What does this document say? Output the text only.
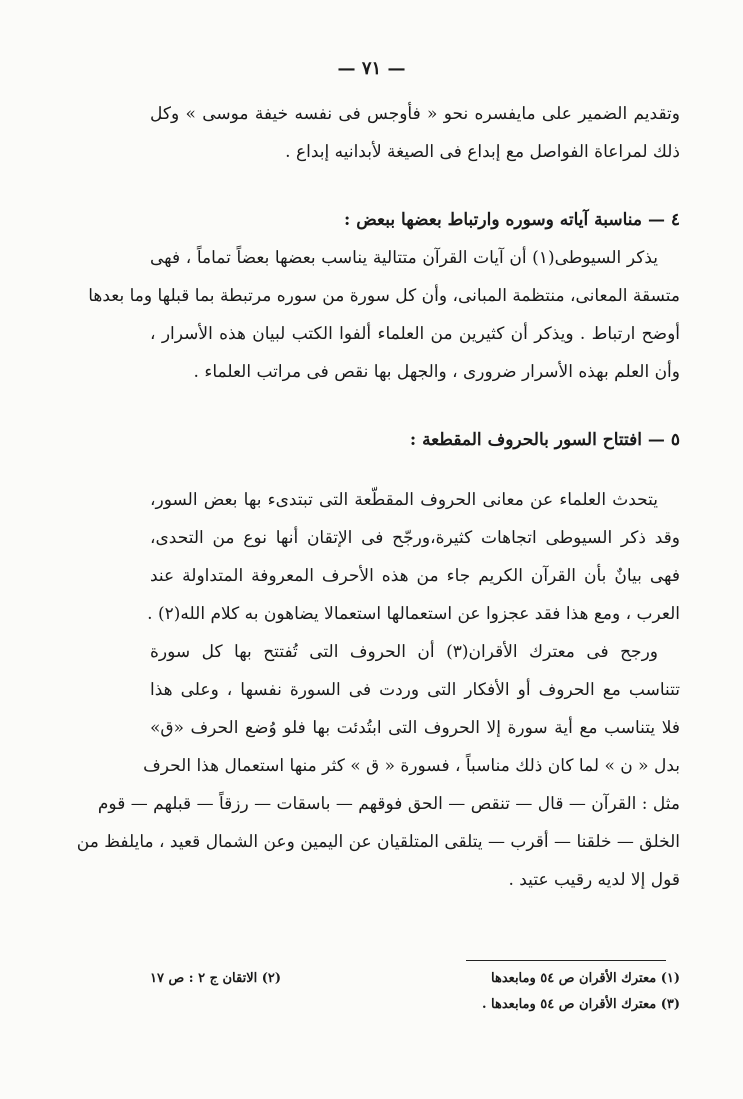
— ٧١ —
وتقديم الضمير على مايفسره نحو « فأوجس فى نفسه خيفة موسى » وكل
ذلك لمراعاة الفواصل مع إبداع فى الصيغة لأبدانيه إبداع .
٤ — مناسبة آياته وسوره وارتباط بعضها ببعض :
يذكر السيوطى(١) أن آيات القرآن متتالية يناسب بعضها بعضاً تماماً ، فهى
متسقة المعانى، منتظمة المبانى، وأن كل سورة من سوره مرتبطة بما قبلها وما بعدها
أوضح ارتباط . ويذكر أن كثيرين من العلماء ألفوا الكتب لبيان هذه الأسرار ،
وأن العلم بهذه الأسرار ضرورى ، والجهل بها نقص فى مراتب العلماء .
٥ — افتتاح السور بالحروف المقطعة :
يتحدث العلماء عن معانى الحروف المقطّعة التى تبتدىء بها بعض السور،
وقد ذكر السيوطى اتجاهات كثيرة،ورجّح فى الإتقان أنها نوع من التحدى،
فهى بيانٌ بأن القرآن الكريم جاء من هذه الأحرف المعروفة المتداولة عند
العرب ، ومع هذا فقد عجزوا عن استعمالها استعمالا يضاهون به كلام الله(٢) .
ورجح فى معترك الأقران(٣) أن الحروف التى تُفتتح بها كل سورة
تتناسب مع الحروف أو الأفكار التى وردت فى السورة نفسها ، وعلى هذا
فلا يتناسب مع أية سورة إلا الحروف التى ابتُدئت بها فلو وُضع الحرف «ق»
بدل « ن » لما كان ذلك مناسباً ، فسورة « ق » كثر منها استعمال هذا الحرف
مثل : القرآن — قال — تنقص — الحق فوقهم — باسقات — رزقاً — قبلهم — قوم
الخلق — خلقنا — أقرب — يتلقى المتلقيان عن اليمين وعن الشمال قعيد ، مايلفظ من
قول إلا لديه رقيب عتيد .
(١) معترك الأقران ص ٥٤ ومابعدها
(٢) الاتقان ج ٢ : ص ١٧
(٣) معترك الأقران ص ٥٤ ومابعدها .
